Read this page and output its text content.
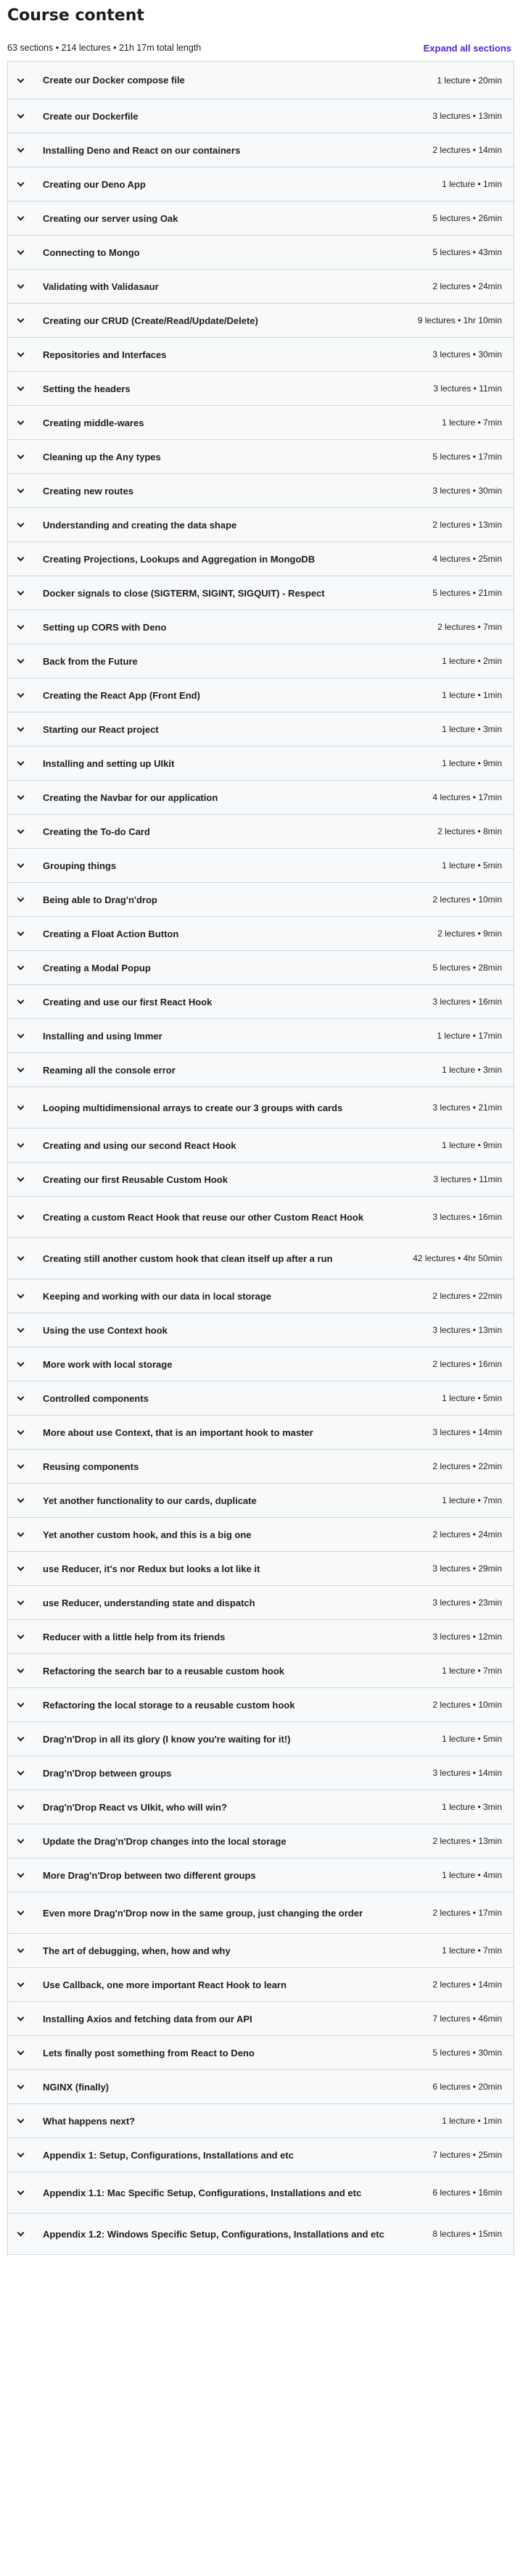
Course content
63 sections • 214 lectures • 21h 17m total length	Expand all sections
Create our Docker compose file	1 lecture • 20min
Create our Dockerfile	3 lectures • 13min
Installing Deno and React on our containers	2 lectures • 14min
Creating our Deno App	1 lecture • 1min
Creating our server using Oak	5 lectures • 26min
Connecting to Mongo	5 lectures • 43min
Validating with Validasaur	2 lectures • 24min
Creating our CRUD (Create/Read/Update/Delete)	9 lectures • 1hr 10min
Repositories and Interfaces	3 lectures • 30min
Setting the headers	3 lectures • 11min
Creating middle-wares	1 lecture • 7min
Cleaning up the Any types	5 lectures • 17min
Creating new routes	3 lectures • 30min
Understanding and creating the data shape	2 lectures • 13min
Creating Projections, Lookups and Aggregation in MongoDB	4 lectures • 25min
Docker signals to close (SIGTERM, SIGINT, SIGQUIT) - Respect	5 lectures • 21min
Setting up CORS with Deno	2 lectures • 7min
Back from the Future	1 lecture • 2min
Creating the React App (Front End)	1 lecture • 1min
Starting our React project	1 lecture • 3min
Installing and setting up UIkit	1 lecture • 9min
Creating the Navbar for our application	4 lectures • 17min
Creating the To-do Card	2 lectures • 8min
Grouping things	1 lecture • 5min
Being able to Drag'n'drop	2 lectures • 10min
Creating a Float Action Button	2 lectures • 9min
Creating a Modal Popup	5 lectures • 28min
Creating and use our first React Hook	3 lectures • 16min
Installing and using Immer	1 lecture • 17min
Reaming all the console error	1 lecture • 3min
Looping multidimensional arrays to create our 3 groups with cards	3 lectures • 21min
Creating and using our second React Hook	1 lecture • 9min
Creating our first Reusable Custom Hook	3 lectures • 11min
Creating a custom React Hook that reuse our other Custom React Hook	3 lectures • 16min
Creating still another custom hook that clean itself up after a run	42 lectures • 4hr 50min
Keeping and working with our data in local storage	2 lectures • 22min
Using the use Context hook	3 lectures • 13min
More work with local storage	2 lectures • 16min
Controlled components	1 lecture • 5min
More about use Context, that is an important hook to master	3 lectures • 14min
Reusing components	2 lectures • 22min
Yet another functionality to our cards, duplicate	1 lecture • 7min
Yet another custom hook, and this is a big one	2 lectures • 24min
use Reducer, it's nor Redux but looks a lot like it	3 lectures • 29min
use Reducer, understanding state and dispatch	3 lectures • 23min
Reducer with a little help from its friends	3 lectures • 12min
Refactoring the search bar to a reusable custom hook	1 lecture • 7min
Refactoring the local storage to a reusable custom hook	2 lectures • 10min
Drag'n'Drop in all its glory (I know you're waiting for it!)	1 lecture • 5min
Drag'n'Drop between groups	3 lectures • 14min
Drag'n'Drop React vs UIkit, who will win?	1 lecture • 3min
Update the Drag'n'Drop changes into the local storage	2 lectures • 13min
More Drag'n'Drop between two different groups	1 lecture • 4min
Even more Drag'n'Drop now in the same group, just changing the order	2 lectures • 17min
The art of debugging, when, how and why	1 lecture • 7min
Use Callback, one more important React Hook to learn	2 lectures • 14min
Installing Axios and fetching data from our API	7 lectures • 46min
Lets finally post something from React to Deno	5 lectures • 30min
NGINX (finally)	6 lectures • 20min
What happens next?	1 lecture • 1min
Appendix 1: Setup, Configurations, Installations and etc	7 lectures • 25min
Appendix 1.1: Mac Specific Setup, Configurations, Installations and etc	6 lectures • 16min
Appendix 1.2: Windows Specific Setup, Configurations, Installations and etc	8 lectures • 15min
